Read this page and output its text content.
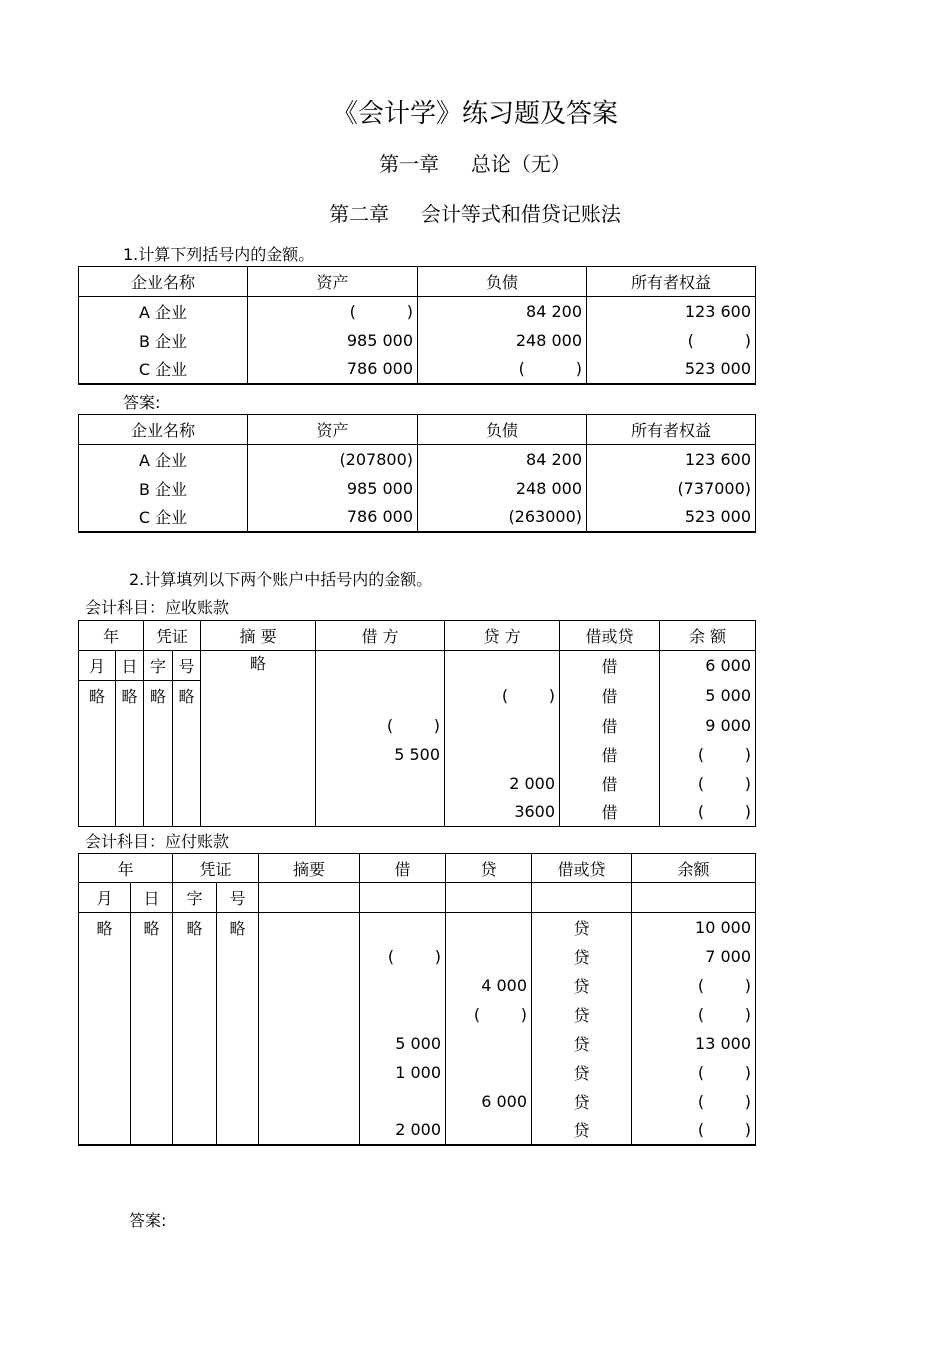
《会计学》练习题及答案
第一章     总论（无）
第二章     会计等式和借贷记账法
1.计算下列括号内的金额。
企业名称	资产	负债	所有者权益
A 企业	(          )	84 200	123 600
B 企业	985 000	248 000	(          )
C 企业	786 000	(          )	523 000
答案:
企业名称	资产	负债	所有者权益
A 企业	(207800)	84 200	123 600
B 企业	985 000	248 000	(737000)
C 企业	786 000	(263000)	523 000
2.计算填列以下两个账户中括号内的金额。
会计科目：应收账款
年		凭证		摘 要	借 方	贷 方	借或贷	余 额
月	日	字	号	略			借	6 000
略	略	略	略			(        )	借	5 000
					(        )		借	9 000
					5 500		借	(        )
						2 000	借	(        )
						3600	借	(        )
会计科目：应付账款
年		凭证		摘要	借	贷	借或贷	余额
月	日	字	号					
略	略	略	略				贷	10 000
					(        )		贷	7 000
						4 000	贷	(        )
						(        )	贷	(        )
					5 000		贷	13 000
					1 000		贷	(        )
						6 000	贷	(        )
					2 000		贷	(        )
答案:
